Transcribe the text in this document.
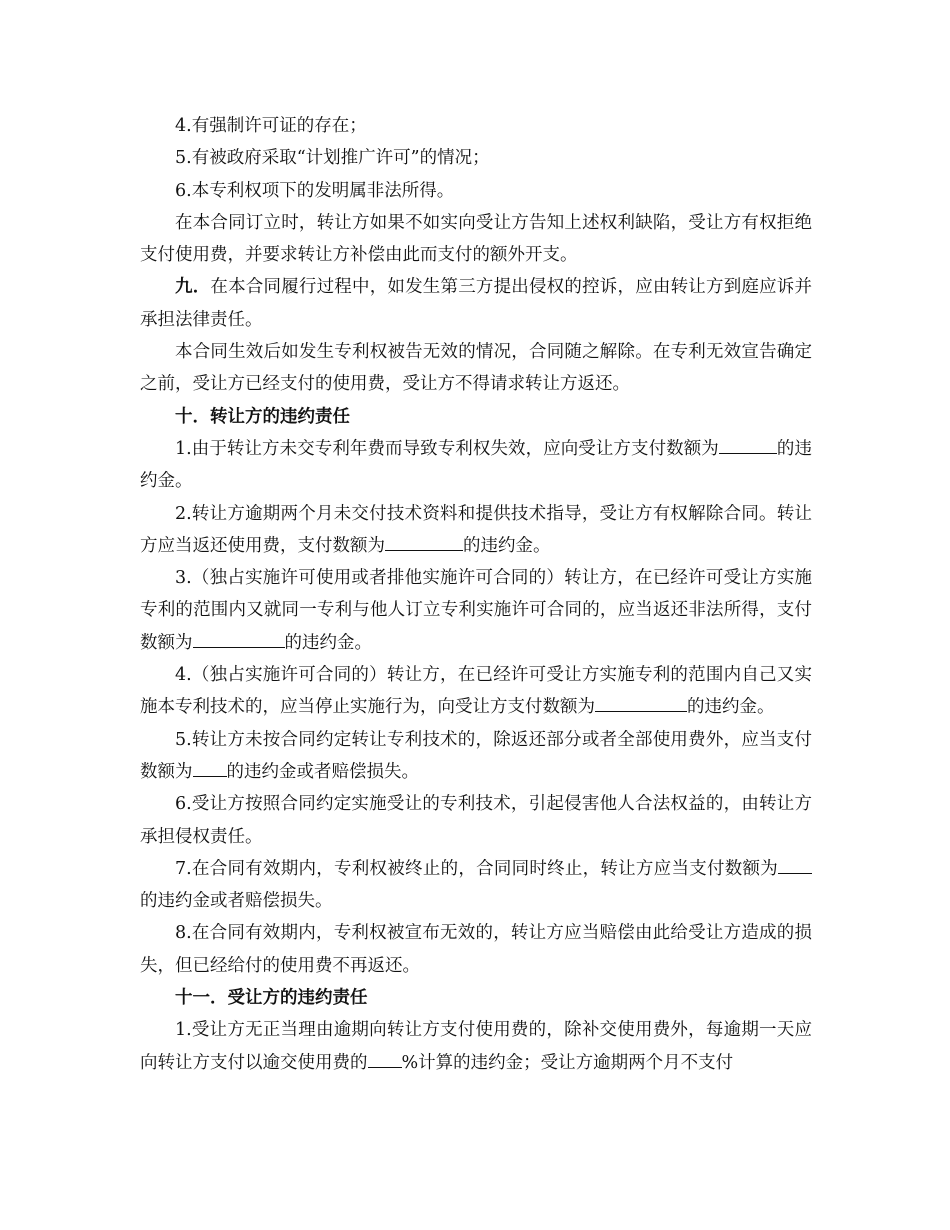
4.有强制许可证的存在；

5.有被政府采取“计划推广许可”的情况；

6.本专利权项下的发明属非法所得。

在本合同订立时，转让方如果不如实向受让方告知上述权利缺陷，受让方有权拒绝支付使用费，并要求转让方补偿由此而支付的额外开支。

九．在本合同履行过程中，如发生第三方提出侵权的控诉，应由转让方到庭应诉并承担法律责任。

本合同生效后如发生专利权被告无效的情况，合同随之解除。在专利无效宣告确定之前，受让方已经支付的使用费，受让方不得请求转让方返还。

十．转让方的违约责任

1.由于转让方未交专利年费而导致专利权失效，应向受让方支付数额为	的违约金。

2.转让方逾期两个月未交付技术资料和提供技术指导，受让方有权解除合同。转让方应当返还使用费，支付数额为	的违约金。

3.（独占实施许可使用或者排他实施许可合同的）转让方，在已经许可受让方实施专利的范围内又就同一专利与他人订立专利实施许可合同的，应当返还非法所得，支付数额为	的违约金。

4.（独占实施许可合同的）转让方，在已经许可受让方实施专利的范围内自己又实施本专利技术的，应当停止实施行为，向受让方支付数额为	的违约金。

5.转让方未按合同约定转让专利技术的，除返还部分或者全部使用费外，应当支付数额为 的违约金或者赔偿损失。

6.受让方按照合同约定实施受让的专利技术，引起侵害他人合法权益的，由转让方承担侵权责任。

7.在合同有效期内，专利权被终止的，合同同时终止，转让方应当支付数额为的违约金或者赔偿损失。

8.在合同有效期内，专利权被宣布无效的，转让方应当赔偿由此给受让方造成的损失，但已经给付的使用费不再返还。

十一．受让方的违约责任

1.受让方无正当理由逾期向转让方支付使用费的，除补交使用费外，每逾期一天应向转让方支付以逾交使用费的 %计算的违约金；受让方逾期两个月不支付
